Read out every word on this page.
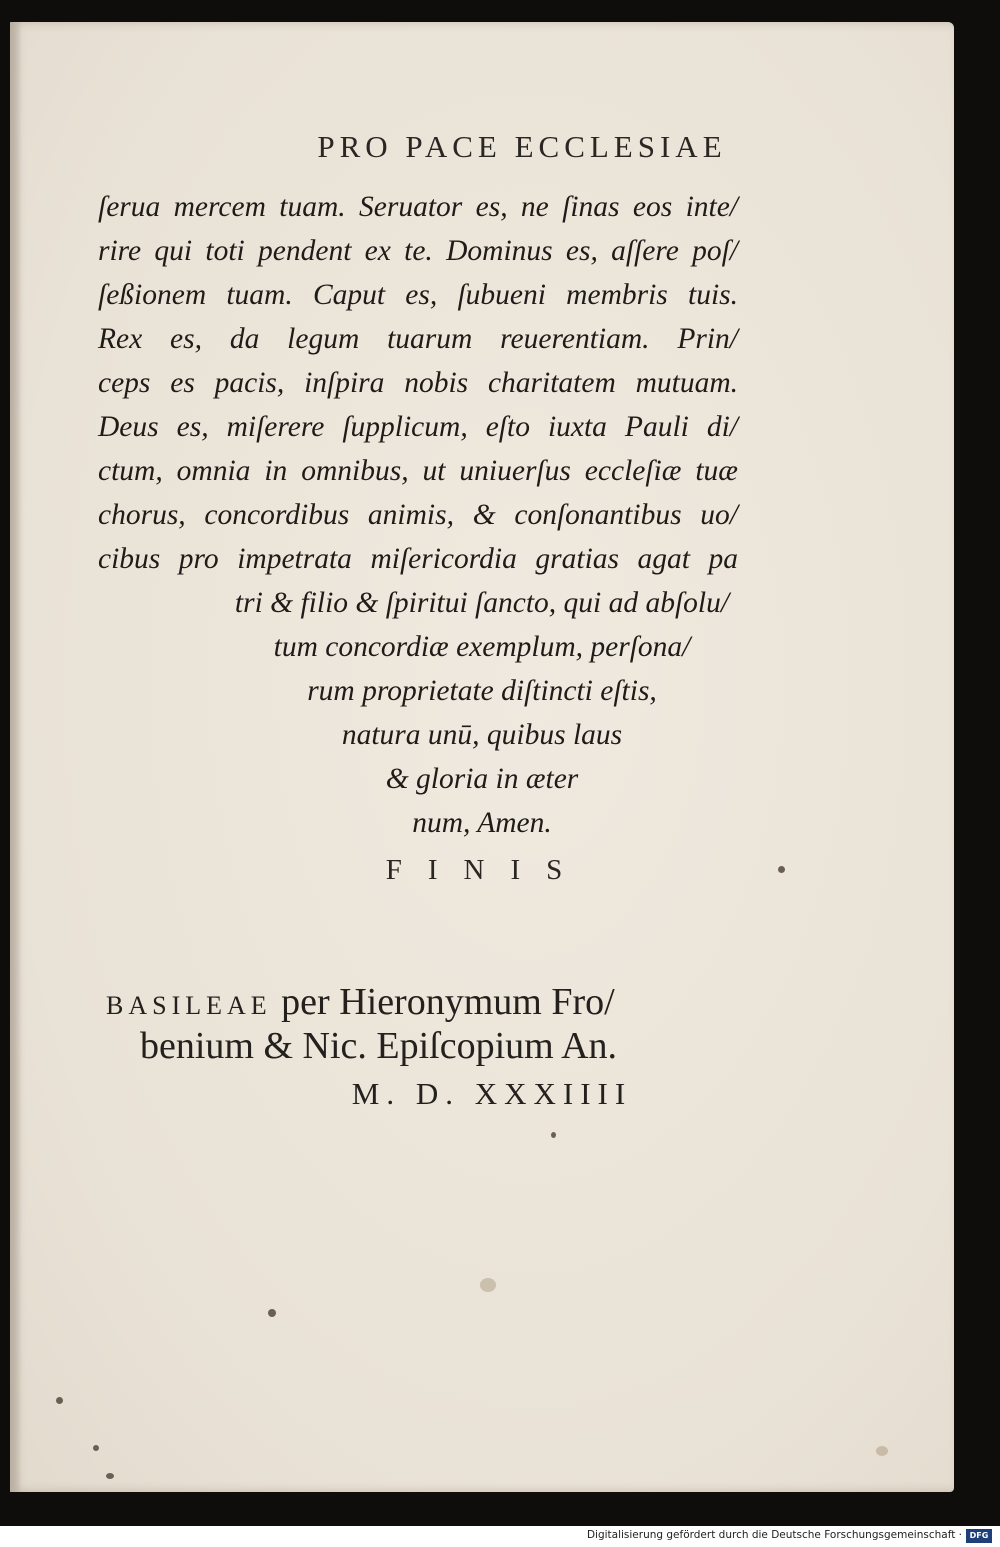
PRO PACE ECCLESIAE
ſerua mercem tuam. Seruator es, ne ſinas eos inte/
rire qui toti pendent ex te. Dominus es, aſſere poſ/
ſeßionem tuam. Caput es, ſubueni membris tuis.
Rex es, da legum tuarum reuerentiam. Prin/
ceps es pacis, inſpira nobis charitatem mutuam.
Deus es, miſerere ſupplicum, eſto iuxta Pauli di/
ctum, omnia in omnibus, ut uniuerſus eccleſiæ tuæ
chorus, concordibus animis, & conſonantibus uo/
cibus pro impetrata miſericordia gratias agat pa
tri & filio & ſpiritui ſancto, qui ad abſolu/
tum concordiæ exemplum, perſona/
rum proprietate diſtincti eſtis,
natura unū, quibus laus
& gloria in æter
num, Amen.
FINIS
BASILEAE per Hieronymum Fro/
benium & Nic. Epiſcopium An.
M. D. XXXIIII
Digitalisierung gefördert durch die Deutsche Forschungsgemeinschaft · DFG
